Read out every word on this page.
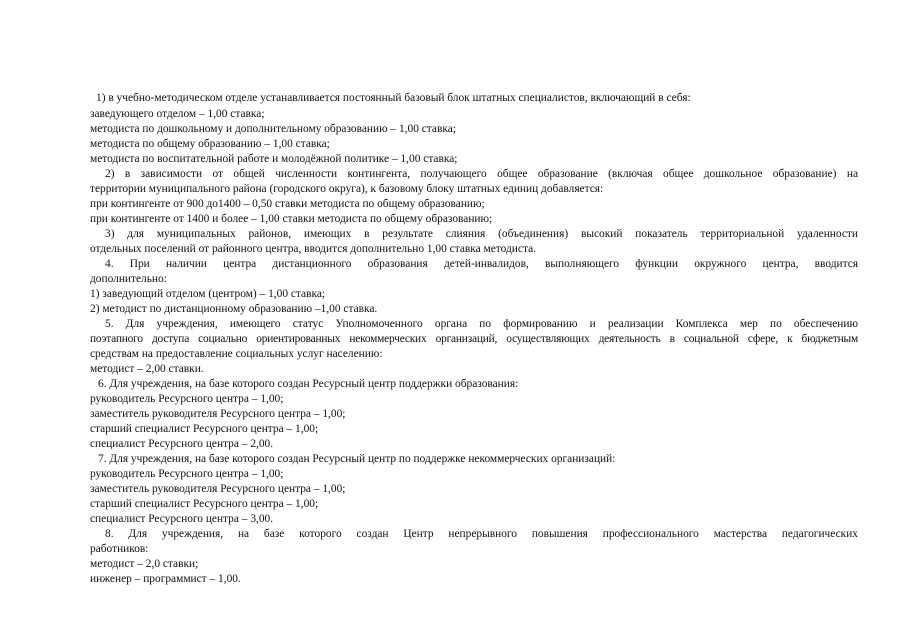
1) в учебно-методическом отделе устанавливается постоянный базовый блок штатных специалистов, включающий в себя:
заведующего отделом – 1,00 ставка;
методиста по дошкольному и дополнительному образованию – 1,00 ставка;
методиста по общему образованию – 1,00 ставка;
методиста по воспитательной работе и молодёжной политике – 1,00 ставка;
2) в зависимости от общей численности контингента, получающего общее образование (включая общее дошкольное образование) на
территории муниципального района (городского округа), к базовому блоку штатных единиц добавляется:
при контингенте от 900 до1400 – 0,50 ставки методиста по общему образованию;
при контингенте от 1400 и более – 1,00 ставки методиста по общему образованию;
3) для муниципальных районов, имеющих в результате слияния (объединения) высокий показатель территориальной удаленности
отдельных поселений от районного центра, вводится дополнительно 1,00 ставка методиста.
4. При наличии центра дистанционного образования детей-инвалидов, выполняющего функции окружного центра, вводится
дополнительно:
1) заведующий отделом (центром) – 1,00 ставка;
2) методист по дистанционному образованию –1,00 ставка.
5. Для учреждения, имеющего статус Уполномоченного органа по формированию и реализации Комплекса мер по обеспечению
поэтапного доступа социально ориентированных некоммерческих организаций, осуществляющих деятельность в социальной сфере, к бюджетным
средствам на предоставление социальных услуг населению:
методист – 2,00 ставки.
6. Для учреждения, на базе которого создан Ресурсный центр поддержки образования:
руководитель Ресурсного центра – 1,00;
заместитель руководителя Ресурсного центра – 1,00;
старший специалист Ресурсного центра – 1,00;
специалист Ресурсного центра – 2,00.
7. Для учреждения, на базе которого создан Ресурсный центр по поддержке некоммерческих организаций:
руководитель Ресурсного центра – 1,00;
заместитель руководителя Ресурсного центра – 1,00;
старший специалист Ресурсного центра – 1,00;
специалист Ресурсного центра – 3,00.
8. Для учреждения, на базе которого создан Центр непрерывного повышения профессионального мастерства педагогических
работников:
методист – 2,0 ставки;
инженер – программист – 1,00.
